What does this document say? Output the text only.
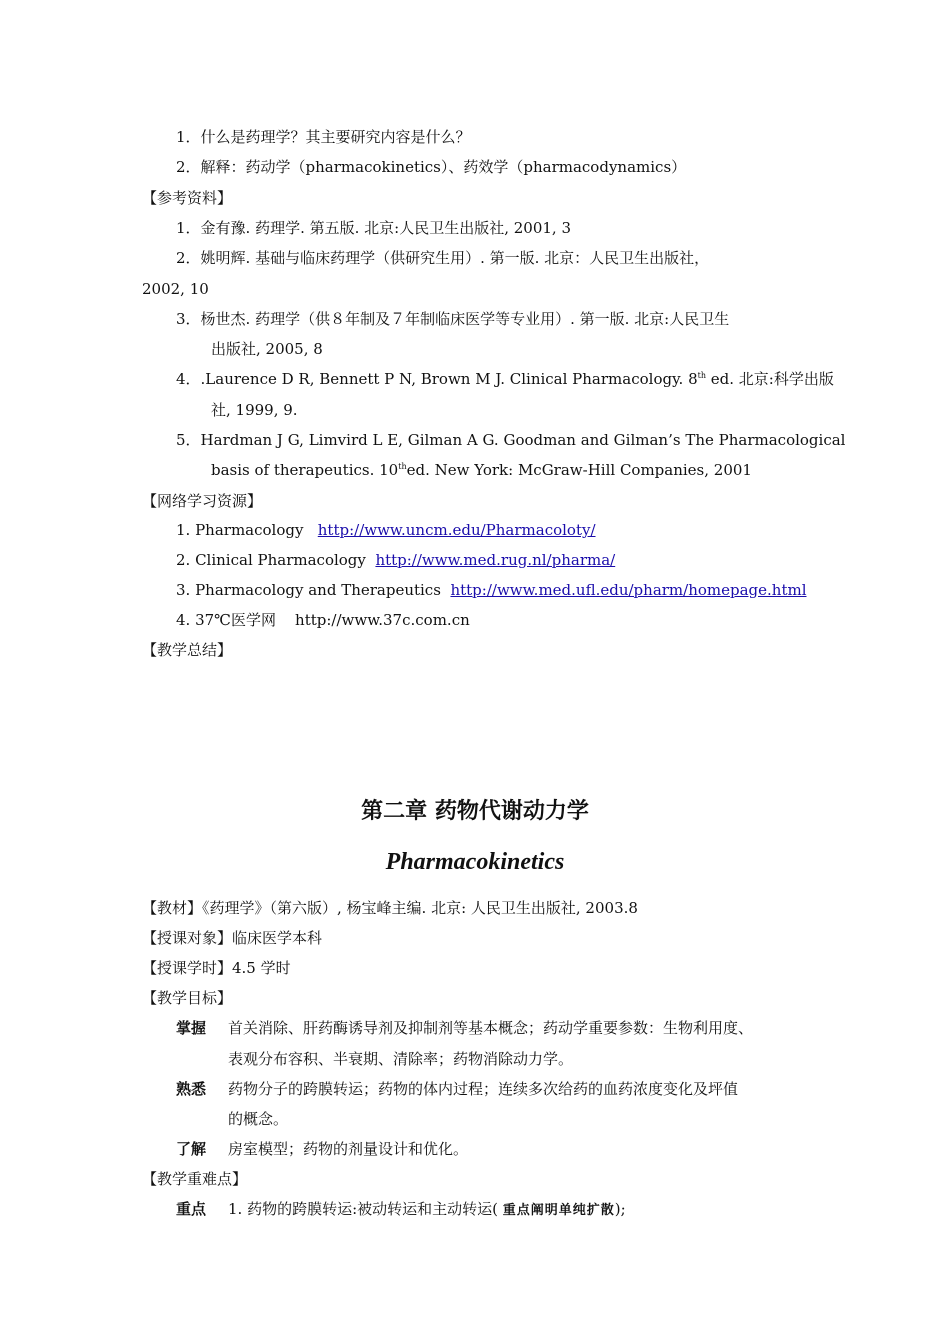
1．什么是药理学？其主要研究内容是什么？
2．解释：药动学（pharmacokinetics）、药效学（pharmacodynamics）
【参考资料】
1．金有豫. 药理学. 第五版. 北京:人民卫生出版社, 2001, 3
2．姚明辉. 基础与临床药理学（供研究生用）. 第一版. 北京：人民卫生出版社，
2002, 10
3．杨世杰. 药理学（供８年制及７年制临床医学等专业用）. 第一版. 北京:人民卫生
出版社, 2005, 8
4．.Laurence D R, Bennett P N, Brown M J. Clinical Pharmacology. 8th ed. 北京:科学出版
社, 1999, 9.
5．Hardman J G, Limvird L E, Gilman A G. Goodman and Gilman’s The Pharmacological
basis of therapeutics. 10thed. New York: McGraw-Hill Companies, 2001
【网络学习资源】
1. Pharmacology http://www.uncm.edu/Pharmacoloty/
2. Clinical Pharmacology http://www.med.rug.nl/pharma/
3. Pharmacology and Therapeutics http://www.med.ufl.edu/pharm/homepage.html
4. 37℃医学网 http://www.37c.com.cn
【教学总结】
第二章 药物代谢动力学
Pharmacokinetics
【教材】《药理学》（第六版）, 杨宝峰主编. 北京: 人民卫生出版社, 2003.8
【授课对象】临床医学本科
【授课学时】4.5 学时
【教学目标】
掌握 首关消除、肝药酶诱导剂及抑制剂等基本概念；药动学重要参数：生物利用度、
表观分布容积、半衰期、清除率；药物消除动力学。
熟悉 药物分子的跨膜转运；药物的体内过程；连续多次给药的血药浓度变化及坪值
的概念。
了解 房室模型；药物的剂量设计和优化。
【教学重难点】
重点 1. 药物的跨膜转运:被动转运和主动转运( 重点阐明单纯扩散);
